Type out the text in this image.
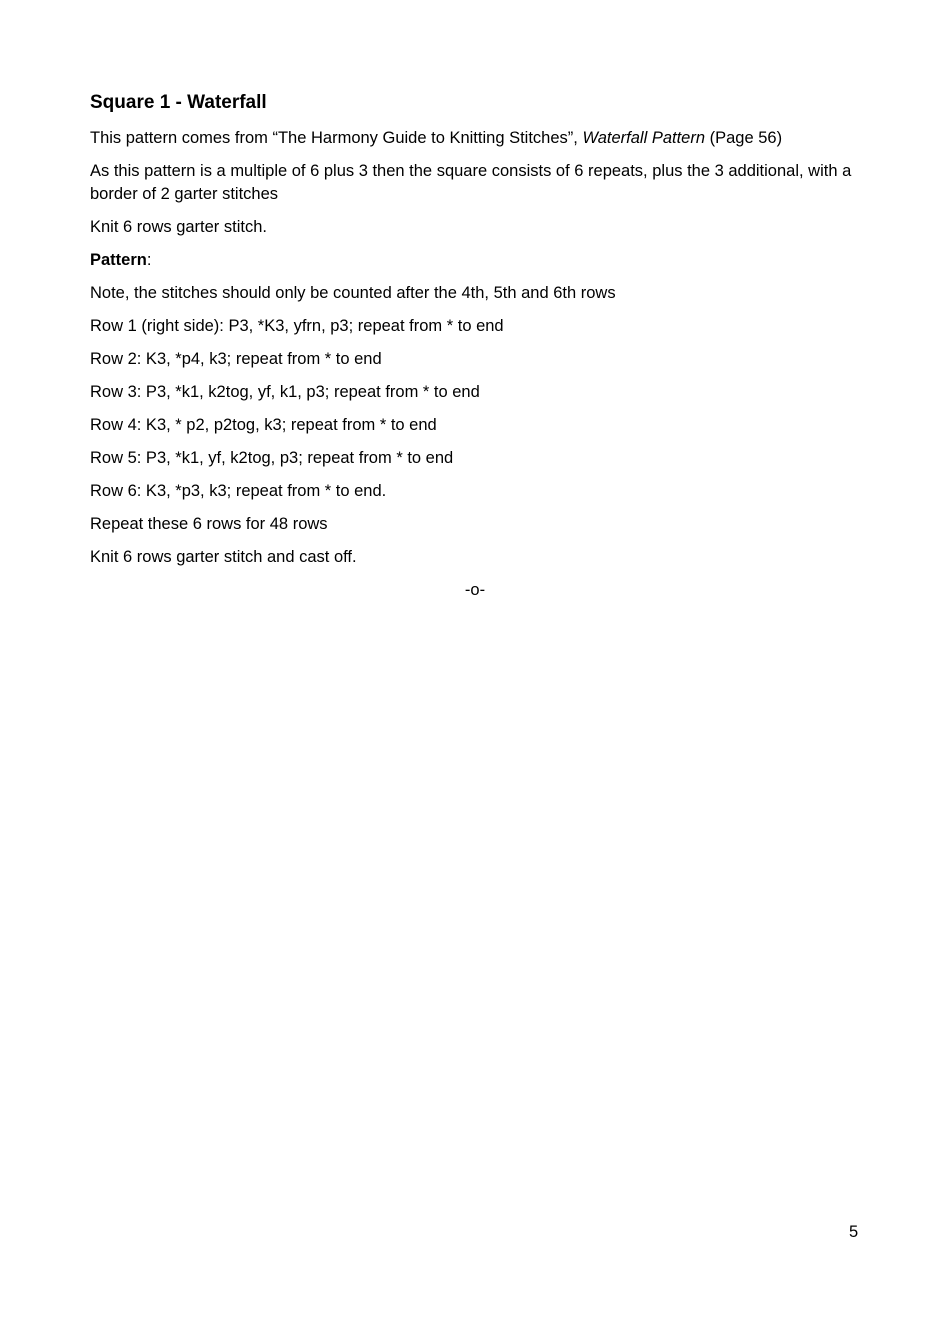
Square 1 - Waterfall
This pattern comes from “The Harmony Guide to Knitting Stitches”, Waterfall Pattern (Page 56)
As this pattern is a multiple of 6 plus 3 then the square consists of 6 repeats, plus the 3 additional, with a border of 2 garter stitches
Knit 6 rows garter stitch.
Pattern:
Note, the stitches should only be counted after the 4th, 5th and 6th rows
Row 1 (right side): P3, *K3, yfrn, p3; repeat from * to end
Row 2: K3, *p4, k3; repeat from * to end
Row 3: P3, *k1, k2tog, yf, k1, p3; repeat from * to end
Row 4: K3, * p2, p2tog, k3; repeat from * to end
Row 5: P3, *k1, yf, k2tog, p3; repeat from * to end
Row 6: K3, *p3, k3; repeat from * to end.
Repeat these 6 rows for 48 rows
Knit 6 rows garter stitch and cast off.
-o-
5
